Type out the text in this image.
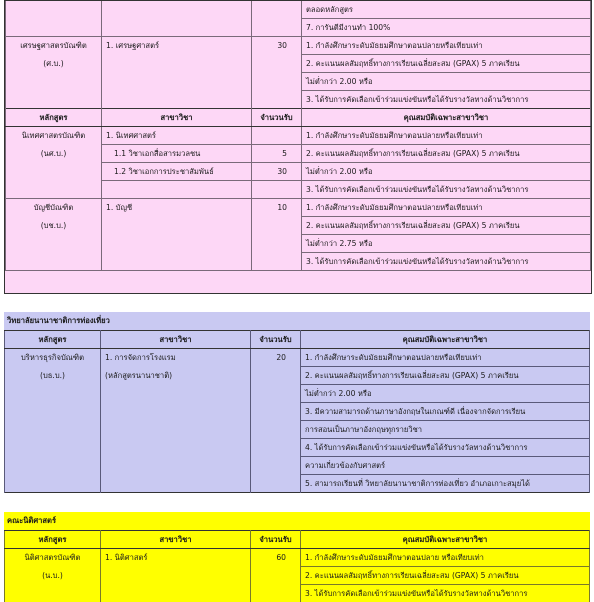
			ตลอดหลักสูตร
			7. การันตีมีงานทำ 100%
เศรษฐศาสตรบัณฑิต	1. เศรษฐศาสตร์	30	1. กำลังศึกษาระดับมัธยมศึกษาตอนปลายหรือเทียบเท่า
(ศ.บ.)			2. คะแนนผลสัมฤทธิ์ทางการเรียนเฉลี่ยสะสม (GPAX) 5 ภาคเรียน
			ไม่ต่ำกว่า 2.00 หรือ
			3. ได้รับการคัดเลือกเข้าร่วมแข่งขันหรือได้รับรางวัลทางด้านวิชาการ
หลักสูตร	สาขาวิชา	จำนวนรับ	คุณสมบัติเฉพาะสาขาวิชา
นิเทศศาสตรบัณฑิต	1. นิเทศศาสตร์		1. กำลังศึกษาระดับมัธยมศึกษาตอนปลายหรือเทียบเท่า
(นศ.บ.)	1.1 วิชาเอกสื่อสารมวลชน	5	2. คะแนนผลสัมฤทธิ์ทางการเรียนเฉลี่ยสะสม (GPAX) 5 ภาคเรียน
	1.2 วิชาเอกการประชาสัมพันธ์	30	ไม่ต่ำกว่า 2.00 หรือ
			3. ได้รับการคัดเลือกเข้าร่วมแข่งขันหรือได้รับรางวัลทางด้านวิชาการ
บัญชีบัณฑิต	1. บัญชี	10	1. กำลังศึกษาระดับมัธยมศึกษาตอนปลายหรือเทียบเท่า
(บช.บ.)			2. คะแนนผลสัมฤทธิ์ทางการเรียนเฉลี่ยสะสม (GPAX) 5 ภาคเรียน
			ไม่ต่ำกว่า 2.75 หรือ
			3. ได้รับการคัดเลือกเข้าร่วมแข่งขันหรือได้รับรางวัลทางด้านวิชาการ
วิทยาลัยนานาชาติการท่องเที่ยว
หลักสูตร	สาขาวิชา	จำนวนรับ	คุณสมบัติเฉพาะสาขาวิชา
บริหารธุรกิจบัณฑิต	1. การจัดการโรงแรม	20	1. กำลังศึกษาระดับมัธยมศึกษาตอนปลายหรือเทียบเท่า
(บธ.บ.)	(หลักสูตรนานาชาติ)		2. คะแนนผลสัมฤทธิ์ทางการเรียนเฉลี่ยสะสม (GPAX) 5 ภาคเรียน
			ไม่ต่ำกว่า 2.00 หรือ
			3. มีความสามารถด้านภาษาอังกฤษในเกณฑ์ดี เนื่องจากจัดการเรียน
			การสอนเป็นภาษาอังกฤษทุกรายวิชา
			4. ได้รับการคัดเลือกเข้าร่วมแข่งขันหรือได้รับรางวัลทางด้านวิชาการ
			ความเกี่ยวข้องกับศาสตร์
			5. สามารถเรียนที่ วิทยาลัยนานาชาติการท่องเที่ยว อำเภอเกาะสมุยได้
คณะนิติศาสตร์
หลักสูตร	สาขาวิชา	จำนวนรับ	คุณสมบัติเฉพาะสาขาวิชา
นิติศาสตรบัณฑิต	1. นิติศาสตร์	60	1. กำลังศึกษาระดับมัธยมศึกษาตอนปลาย หรือเทียบเท่า
(น.บ.)			2. คะแนนผลสัมฤทธิ์ทางการเรียนเฉลี่ยสะสม (GPAX) 5 ภาคเรียน
			3. ได้รับการคัดเลือกเข้าร่วมแข่งขันหรือได้รับรางวัลทางด้านวิชาการ
